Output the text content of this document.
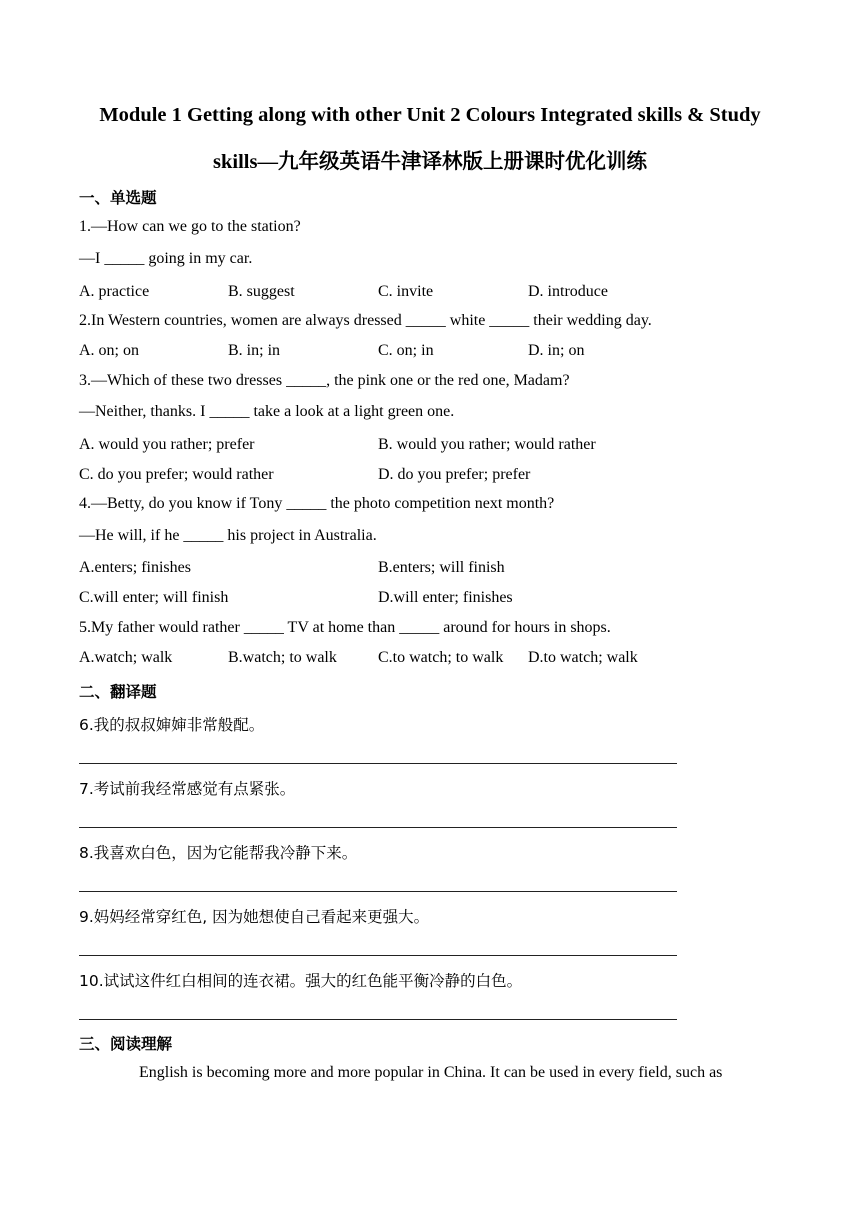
Module 1 Getting along with other Unit 2 Colours Integrated skills & Study
skills—九年级英语牛津译林版上册课时优化训练
一、单选题
1.—How can we go to the station?
—I _____ going in my car.
A. practice	B. suggest	C. invite	D. introduce
2.In Western countries, women are always dressed _____ white _____ their wedding day.
A. on; on	B. in; in	C. on; in	D. in; on
3.—Which of these two dresses _____, the pink one or the red one, Madam?
—Neither, thanks. I _____ take a look at a light green one.
A. would you rather; prefer	B. would you rather; would rather
C. do you prefer; would rather	D. do you prefer; prefer
4.—Betty, do you know if Tony _____ the photo competition next month?
—He will, if he _____ his project in Australia.
A.enters; finishes	B.enters; will finish
C.will enter; will finish	D.will enter; finishes
5.My father would rather _____ TV at home than _____ around for hours in shops.
A.watch; walk	B.watch; to walk	C.to watch; to walk D.to watch; walk
二、翻译题
6.我的叔叔婶婶非常般配。
7.考试前我经常感觉有点紧张。
8.我喜欢白色，因为它能帮我冷静下来。
9.妈妈经常穿红色, 因为她想使自己看起来更强大。
10.试试这件红白相间的连衣裙。强大的红色能平衡冷静的白色。
三、阅读理解
English is becoming more and more popular in China. It can be used in every field, such as
